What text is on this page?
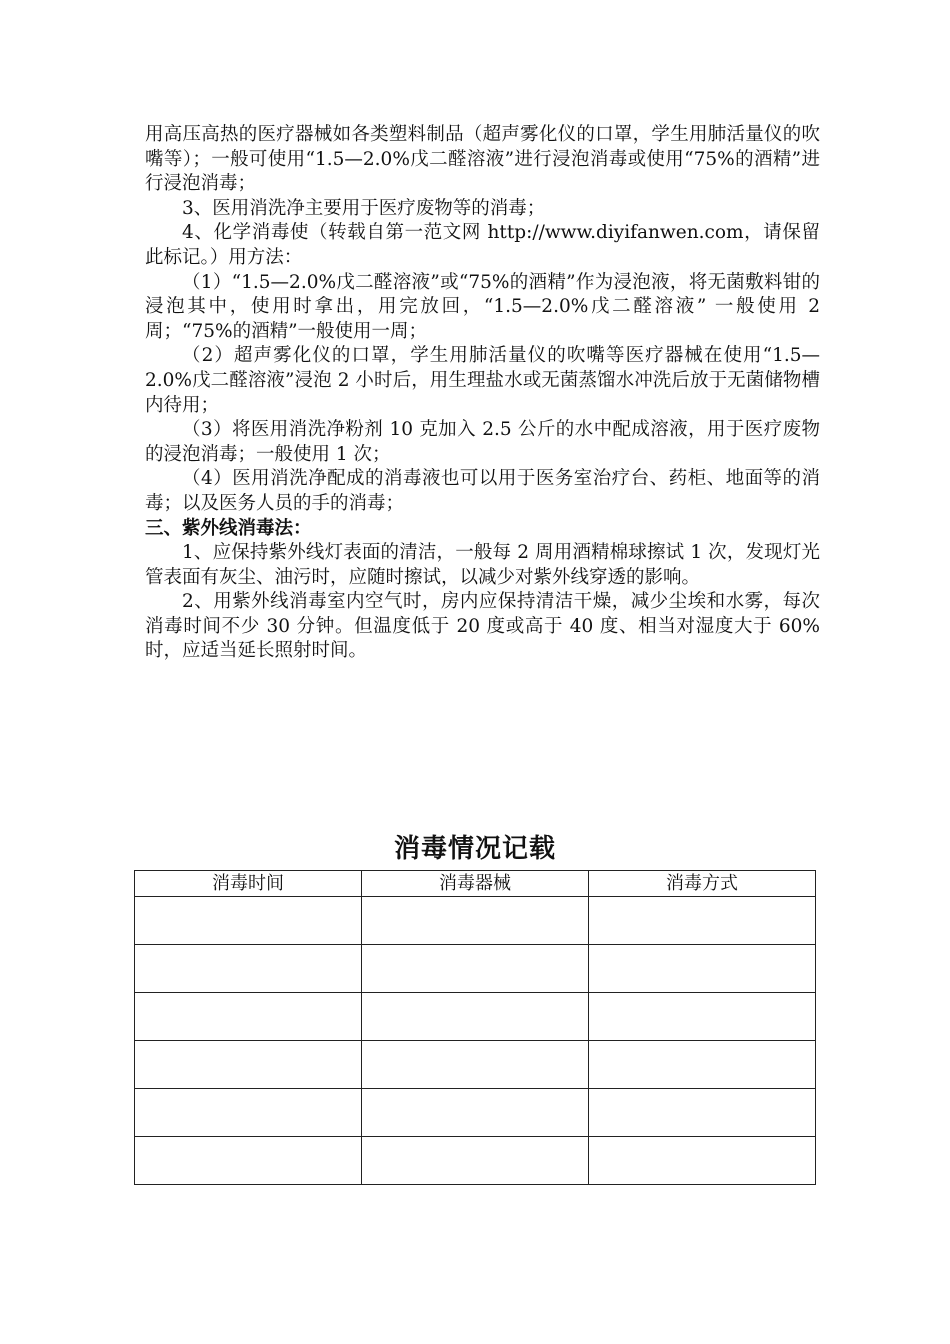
用高压高热的医疗器械如各类塑料制品（超声雾化仪的口罩，学生用肺活量仪的吹嘴等）；一般可使用“1.5—2.0%戊二醛溶液”进行浸泡消毒或使用“75%的酒精”进行浸泡消毒；

3、医用消洗净主要用于医疗废物等的消毒；

4、化学消毒使（转载自第一范文网 http://www.diyifanwen.com，请保留此标记。）用方法：

（1）“1.5—2.0%戊二醛溶液”或“75%的酒精”作为浸泡液，将无菌敷料钳的浸泡其中，使用时拿出，用完放回，“1.5—2.0%戊二醛溶液” 一般使用 2 周；“75%的酒精”一般使用一周；

（2）超声雾化仪的口罩，学生用肺活量仪的吹嘴等医疗器械在使用“1.5—2.0%戊二醛溶液”浸泡 2 小时后，用生理盐水或无菌蒸馏水冲洗后放于无菌储物槽内待用；

（3）将医用消洗净粉剂 10 克加入 2.5 公斤的水中配成溶液，用于医疗废物的浸泡消毒；一般使用 1 次；

（4）医用消洗净配成的消毒液也可以用于医务室治疗台、药柜、地面等的消毒；以及医务人员的手的消毒；

三、紫外线消毒法：

1、应保持紫外线灯表面的清洁，一般每 2 周用酒精棉球擦试 1 次，发现灯光管表面有灰尘、油污时，应随时擦试，以减少对紫外线穿透的影响。

2、用紫外线消毒室内空气时，房内应保持清洁干燥，减少尘埃和水雾，每次消毒时间不少 30 分钟。但温度低于 20 度或高于 40 度、相当对湿度大于 60%时，应适当延长照射时间。

消毒情况记载
消毒时间	消毒器械	消毒方式
